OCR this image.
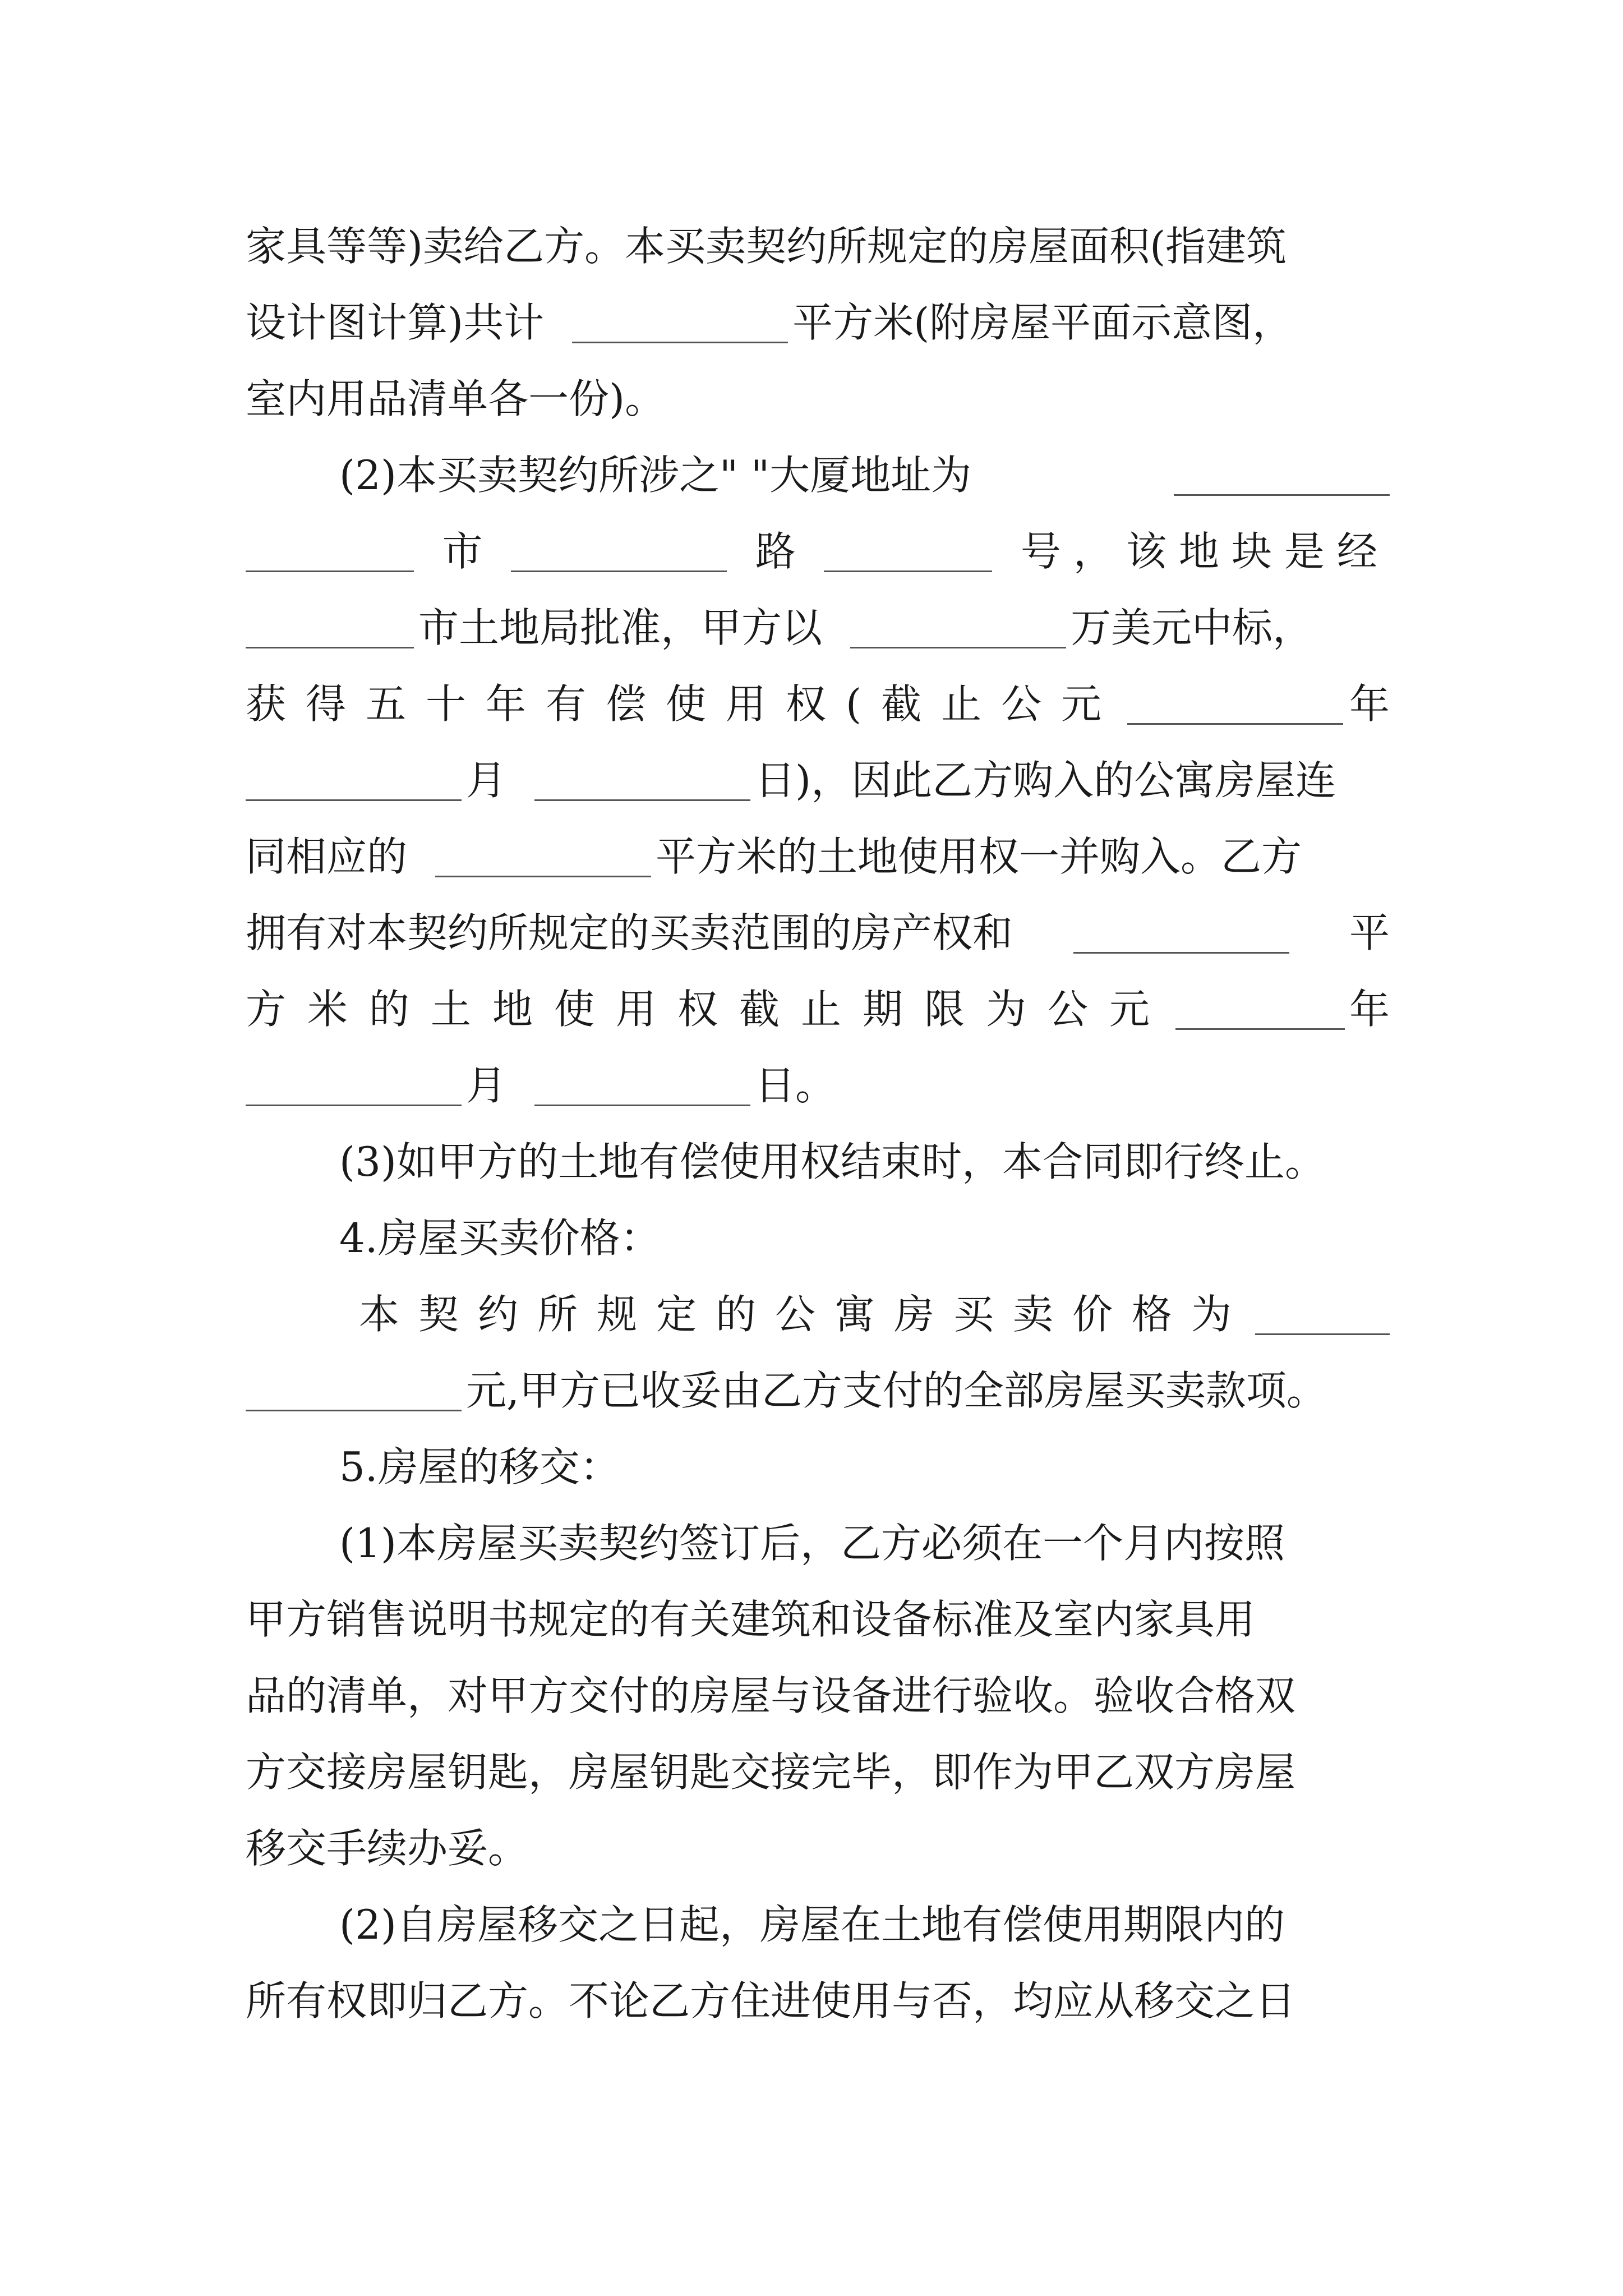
家具等等)卖给乙方。本买卖契约所规定的房屋面积(指建筑
设计图计算)共计	平方米(附房屋平面示意图，
室内用品清单各一份)。
(2)本买卖契约所涉之" "大厦地址为
市	路	号，该地块是经
市土地局批准，甲方以	万美元中标，
获得五十年有偿使用权(截止公元	年
月	日)，因此乙方购入的公寓房屋连
同相应的	平方米的土地使用权一并购入。乙方
拥有对本契约所规定的买卖范围的房产权和	平
方米的土地使用权截止期限为公元	年
月	日。
(3)如甲方的土地有偿使用权结束时，本合同即行终止。
4.房屋买卖价格：
本契约所规定的公寓房买卖价格为
元,甲方已收妥由乙方支付的全部房屋买卖款项。
5.房屋的移交：
(1)本房屋买卖契约签订后，乙方必须在一个月内按照
甲方销售说明书规定的有关建筑和设备标准及室内家具用
品的清单，对甲方交付的房屋与设备进行验收。验收合格双
方交接房屋钥匙，房屋钥匙交接完毕，即作为甲乙双方房屋
移交手续办妥。
(2)自房屋移交之日起，房屋在土地有偿使用期限内的
所有权即归乙方。不论乙方住进使用与否，均应从移交之日
